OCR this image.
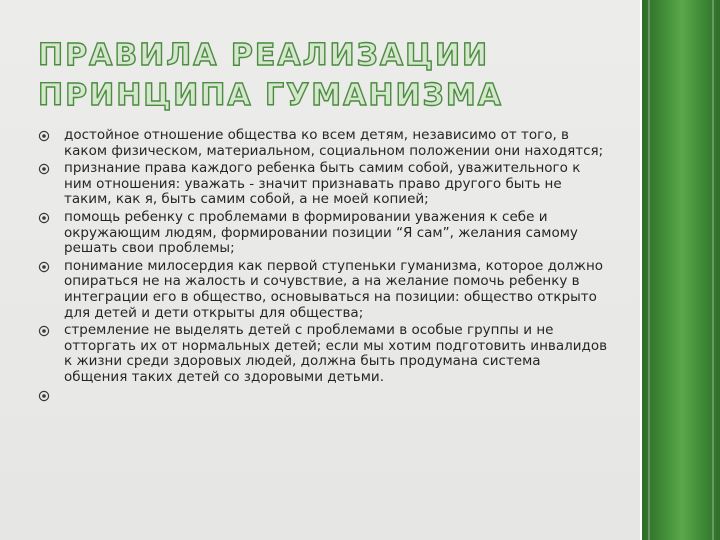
ПРАВИЛА РЕАЛИЗАЦИИ
ПРИНЦИПА ГУМАНИЗМА
достойное отношение общества ко всем детям, независимо от того, в каком физическом, материальном, социальном положении они находятся;
признание права каждого ребенка быть самим собой, уважительного к ним отношения: уважать - значит признавать право другого быть не таким, как я, быть самим собой, а не моей копией;
помощь ребенку с проблемами в формировании уважения к себе и окружающим людям, формировании позиции “Я сам”, желания самому решать свои проблемы;
понимание милосердия как первой ступеньки гуманизма, которое должно опираться не на жалость и сочувствие, а на желание помочь ребенку в интеграции его в общество, основываться на позиции: общество открыто для детей и дети открыты для общества;
стремление не выделять детей с проблемами в особые группы и не отторгать их от нормальных детей; если мы хотим подготовить инвалидов к жизни среди здоровых людей, должна быть продумана система общения таких детей со здоровыми детьми.
